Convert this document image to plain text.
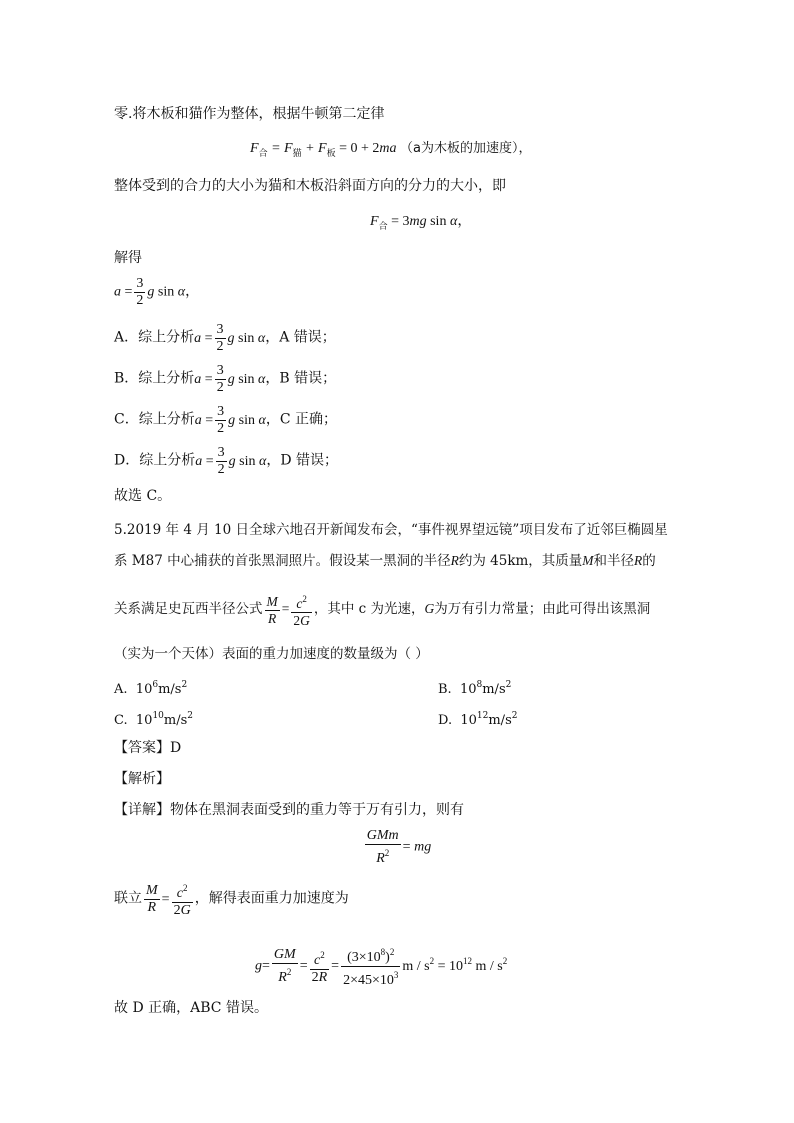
零.将木板和猫作为整体，根据牛顿第二定律
$F_合 = F_猫 + F_板 = 0 + 2ma$ （a为木板的加速度），
整体受到的合力的大小为猫和木板沿斜面方向的分力的大小，即
$F_合 = 3mg$ sin α，
解得
$a = \frac{3}{2}$ g sin α，
A．综上分析$a = \frac{3}{2}$ g sin α，A 错误；
B．综上分析$a = \frac{3}{2}$ g sin α，B 错误；
C．综上分析$a = \frac{3}{2}$ g sin α，C 正确；
D．综上分析$a = \frac{3}{2}$ g sin α，D 错误；
故选 C。
5.2019 年 4 月 10 日全球六地召开新闻发布会，“事件视界望远镜”项目发布了近邻巨椭圆星
系 M87 中心捕获的首张黑洞照片。假设某一黑洞的半径R约为 45km，其质量M和半径R的
关系满足史瓦西半径公式 $\frac{M}{R} = \frac{c^2}{2G}$ ，其中 c 为光速，G为万有引力常量；由此可得出该黑洞
（实为一个天体）表面的重力加速度的数量级为（ ）
A. $10^6m/s^2$	B. $10^8m/s^2$
C. $10^{10}m/s^2$	D. $10^{12}m/s^2$
【答案】D
【解析】
【详解】物体在黑洞表面受到的重力等于万有引力，则有
$\frac{\text{GMm}}{R^2}$ = mg
联立 $\frac{M}{R} = \frac{c^2}{2G}$ ，解得表面重力加速度为
$g= \frac{GM}{R^2} = \frac{c^2}{2R} = \frac{(3\times 10^8)^2}{2\times 45\times 10^3}$ $m / s^2 = 10^{12}$ m / $s^2$
故 D 正确，ABC 错误。
